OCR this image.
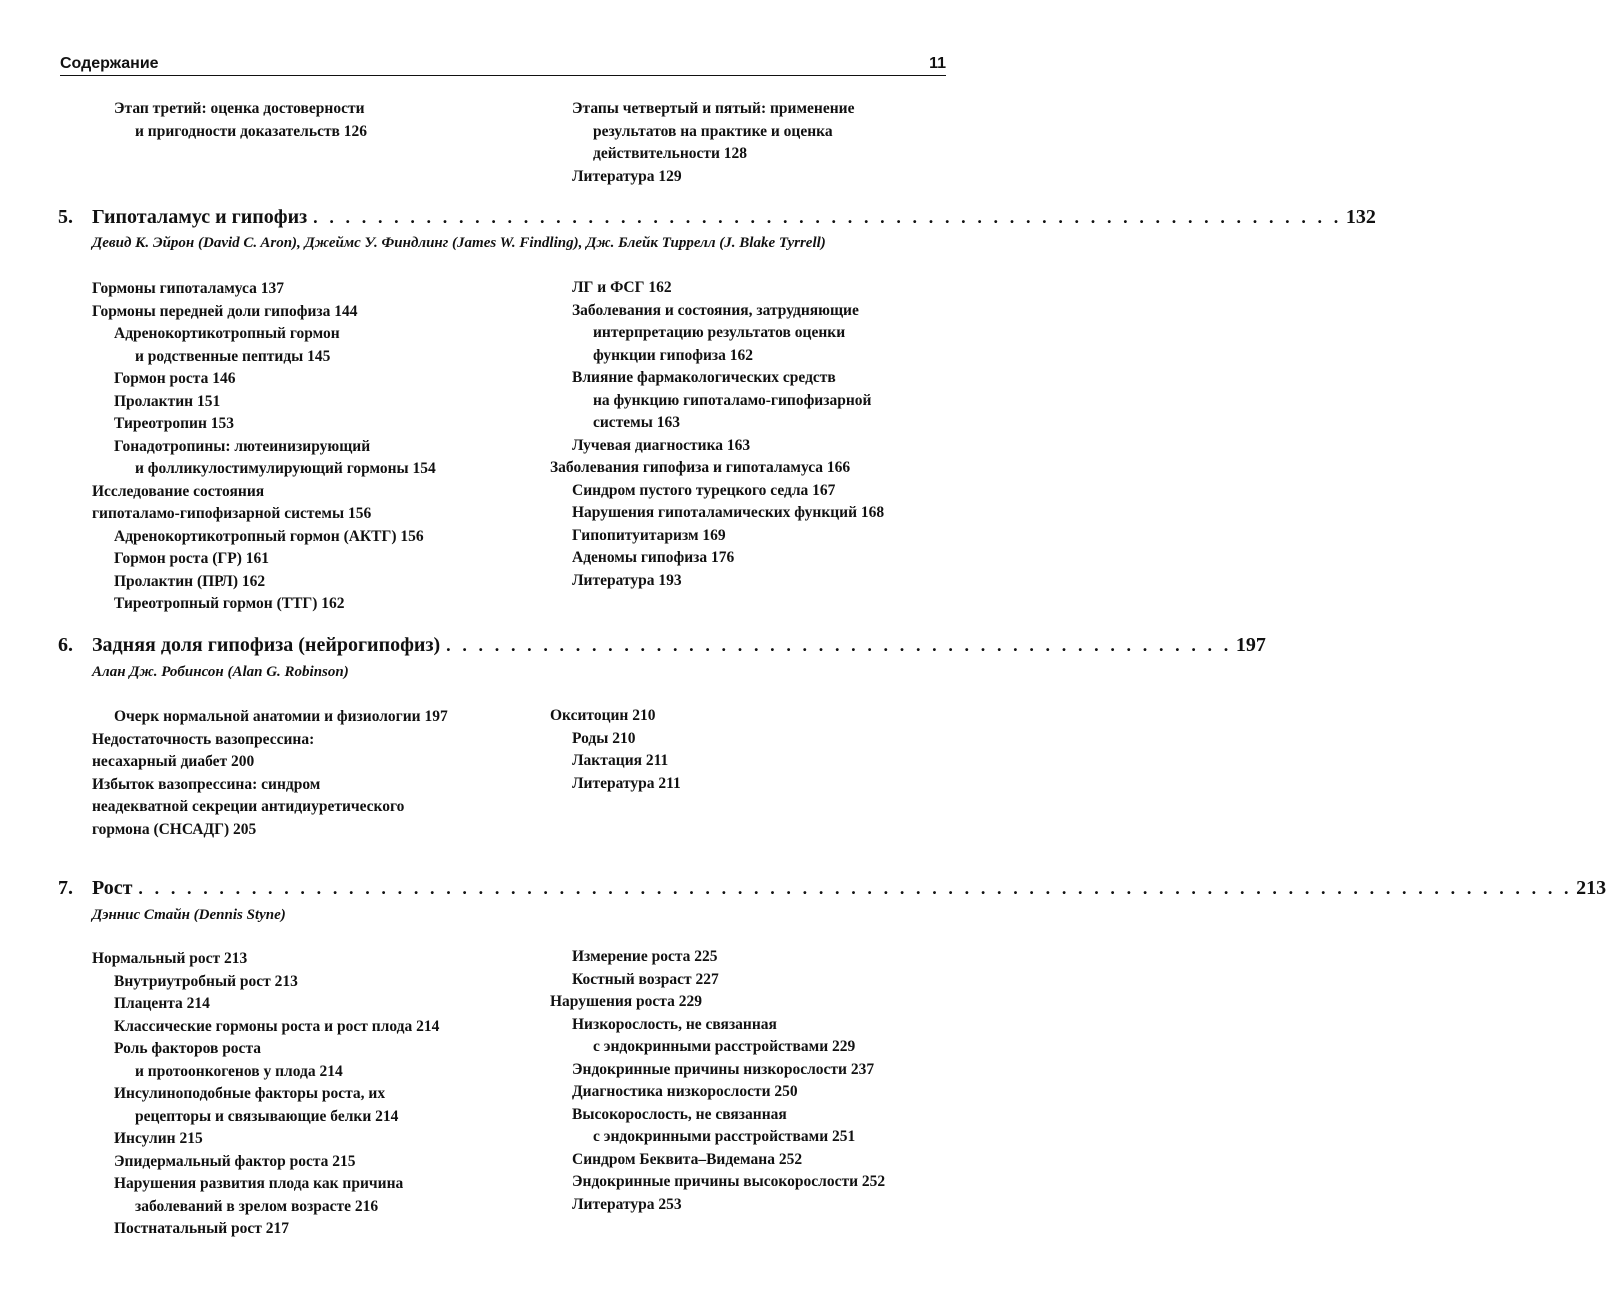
Содержание	11
Этап третий: оценка достоверности
и пригодности доказательств 126
Этапы четвертый и пятый: применение
результатов на практике и оценка
действительности 128
Литература 129
5. Гипоталамус и гипофиз . . . . . . . . . . . . . . . . . . . . . . . . . . . . . . . . . . . . . . . . . . . . . . . . . . . . . . . . . . . . . . . . 132
Девид К. Эйрон (David C. Aron), Джеймс У. Финдлинг (James W. Findling), Дж. Блейк Тиррелл (J. Blake Tyrrell)
Гормоны гипоталамуса 137
Гормоны передней доли гипофиза 144
Адренокортикотропный гормон
и родственные пептиды 145
Гормон роста 146
Пролактин 151
Тиреотропин 153
Гонадотропины: лютеинизирующий
и фолликулостимулирующий гормоны 154
Исследование состояния
гипоталамо-гипофизарной системы 156
Адренокортикотропный гормон (АКТГ) 156
Гормон роста (ГР) 161
Пролактин (ПРЛ) 162
Тиреотропный гормон (ТТГ) 162
ЛГ и ФСГ 162
Заболевания и состояния, затрудняющие
интерпретацию результатов оценки
функции гипофиза 162
Влияние фармакологических средств
на функцию гипоталамо-гипофизарной
системы 163
Лучевая диагностика 163
Заболевания гипофиза и гипоталамуса 166
Синдром пустого турецкого седла 167
Нарушения гипоталамических функций 168
Гипопитуитаризм 169
Аденомы гипофиза 176
Литература 193
6. Задняя доля гипофиза (нейрогипофиз) . . . . . . . . . . . . . . . . . . . . . . . . . . . . . . . . . . . . . . . . . . . . . . . . . 197
Алан Дж. Робинсон (Alan G. Robinson)
Очерк нормальной анатомии и физиологии 197
Недостаточность вазопрессина:
несахарный диабет 200
Избыток вазопрессина: синдром
неадекватной секреции антидиуретического
гормона (СНСАДГ) 205
Окситоцин 210
Роды 210
Лактация 211
Литература 211
7. Рост . . . . . . . . . . . . . . . . . . . . . . . . . . . . . . . . . . . . . . . . . . . . . . . . . . . . . . . . . . . . . . . . . . . . . . . . . . . . . . . . . . . . . . . . . 213
Дэннис Стайн (Dennis Styne)
Нормальный рост 213
Внутриутробный рост 213
Плацента 214
Классические гормоны роста и рост плода 214
Роль факторов роста
и протоонкогенов у плода 214
Инсулиноподобные факторы роста, их
рецепторы и связывающие белки 214
Инсулин 215
Эпидермальный фактор роста 215
Нарушения развития плода как причина
заболеваний в зрелом возрасте 216
Постнатальный рост 217
Измерение роста 225
Костный возраст 227
Нарушения роста 229
Низкорослость, не связанная
с эндокринными расстройствами 229
Эндокринные причины низкорослости 237
Диагностика низкорослости 250
Высокорослость, не связанная
с эндокринными расстройствами 251
Синдром Беквита–Видемана 252
Эндокринные причины высокорослости 252
Литература 253
